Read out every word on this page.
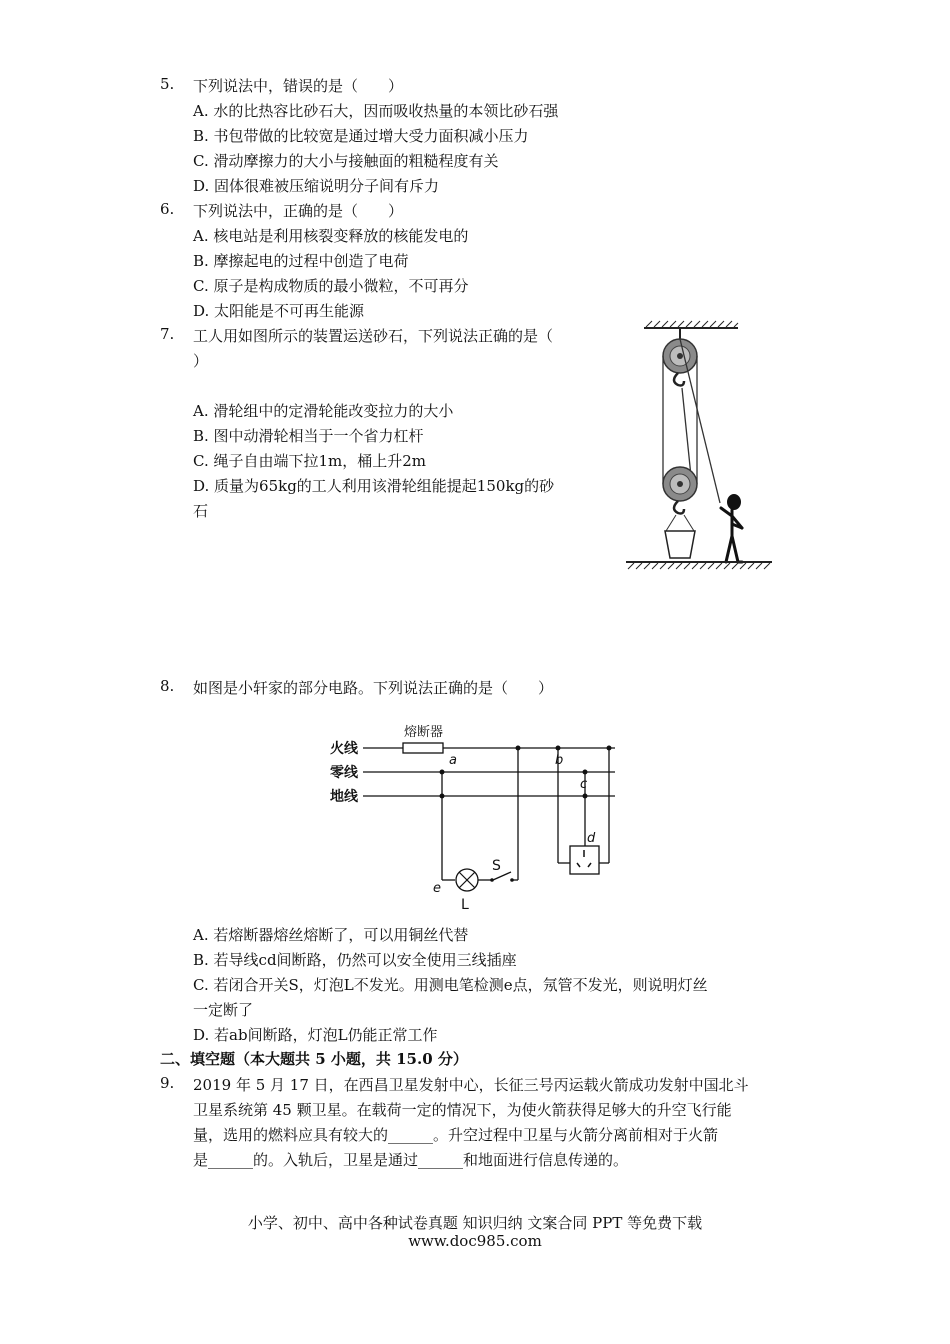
5.	下列说法中，错误的是（　　）
A. 水的比热容比砂石大，因而吸收热量的本领比砂石强
B. 书包带做的比较宽是通过增大受力面积减小压力
C. 滑动摩擦力的大小与接触面的粗糙程度有关
D. 固体很难被压缩说明分子间有斥力
6.	下列说法中，正确的是（　　）
A. 核电站是利用核裂变释放的核能发电的
B. 摩擦起电的过程中创造了电荷
C. 原子是构成物质的最小微粒，不可再分
D. 太阳能是不可再生能源
7.	工人用如图所示的装置运送砂石，下列说法正确的是（
）
A. 滑轮组中的定滑轮能改变拉力的大小
B. 图中动滑轮相当于一个省力杠杆
C. 绳子自由端下拉1m，桶上升2m
D. 质量为65kg的工人利用该滑轮组能提起150kg的砂
石
8.	如图是小轩家的部分电路。下列说法正确的是（　　）
火线
零线
地线
熔断器
a	b
c
d
e
S
L
A. 若熔断器熔丝熔断了，可以用铜丝代替
B. 若导线cd间断路，仍然可以安全使用三线插座
C. 若闭合开关S，灯泡L不发光。用测电笔检测e点，氖管不发光，则说明灯丝
一定断了
D. 若ab间断路，灯泡L仍能正常工作
二、填空题（本大题共 5 小题，共 15.0 分）
9.	2019 年 5 月 17 日，在西昌卫星发射中心，长征三号丙运载火箭成功发射中国北斗
卫星系统第 45 颗卫星。在载荷一定的情况下，为使火箭获得足够大的升空飞行能
量，选用的燃料应具有较大的______。升空过程中卫星与火箭分离前相对于火箭
是______的。入轨后，卫星是通过______和地面进行信息传递的。
小学、初中、高中各种试卷真题 知识归纳 文案合同 PPT 等免费下载
www.doc985.com
